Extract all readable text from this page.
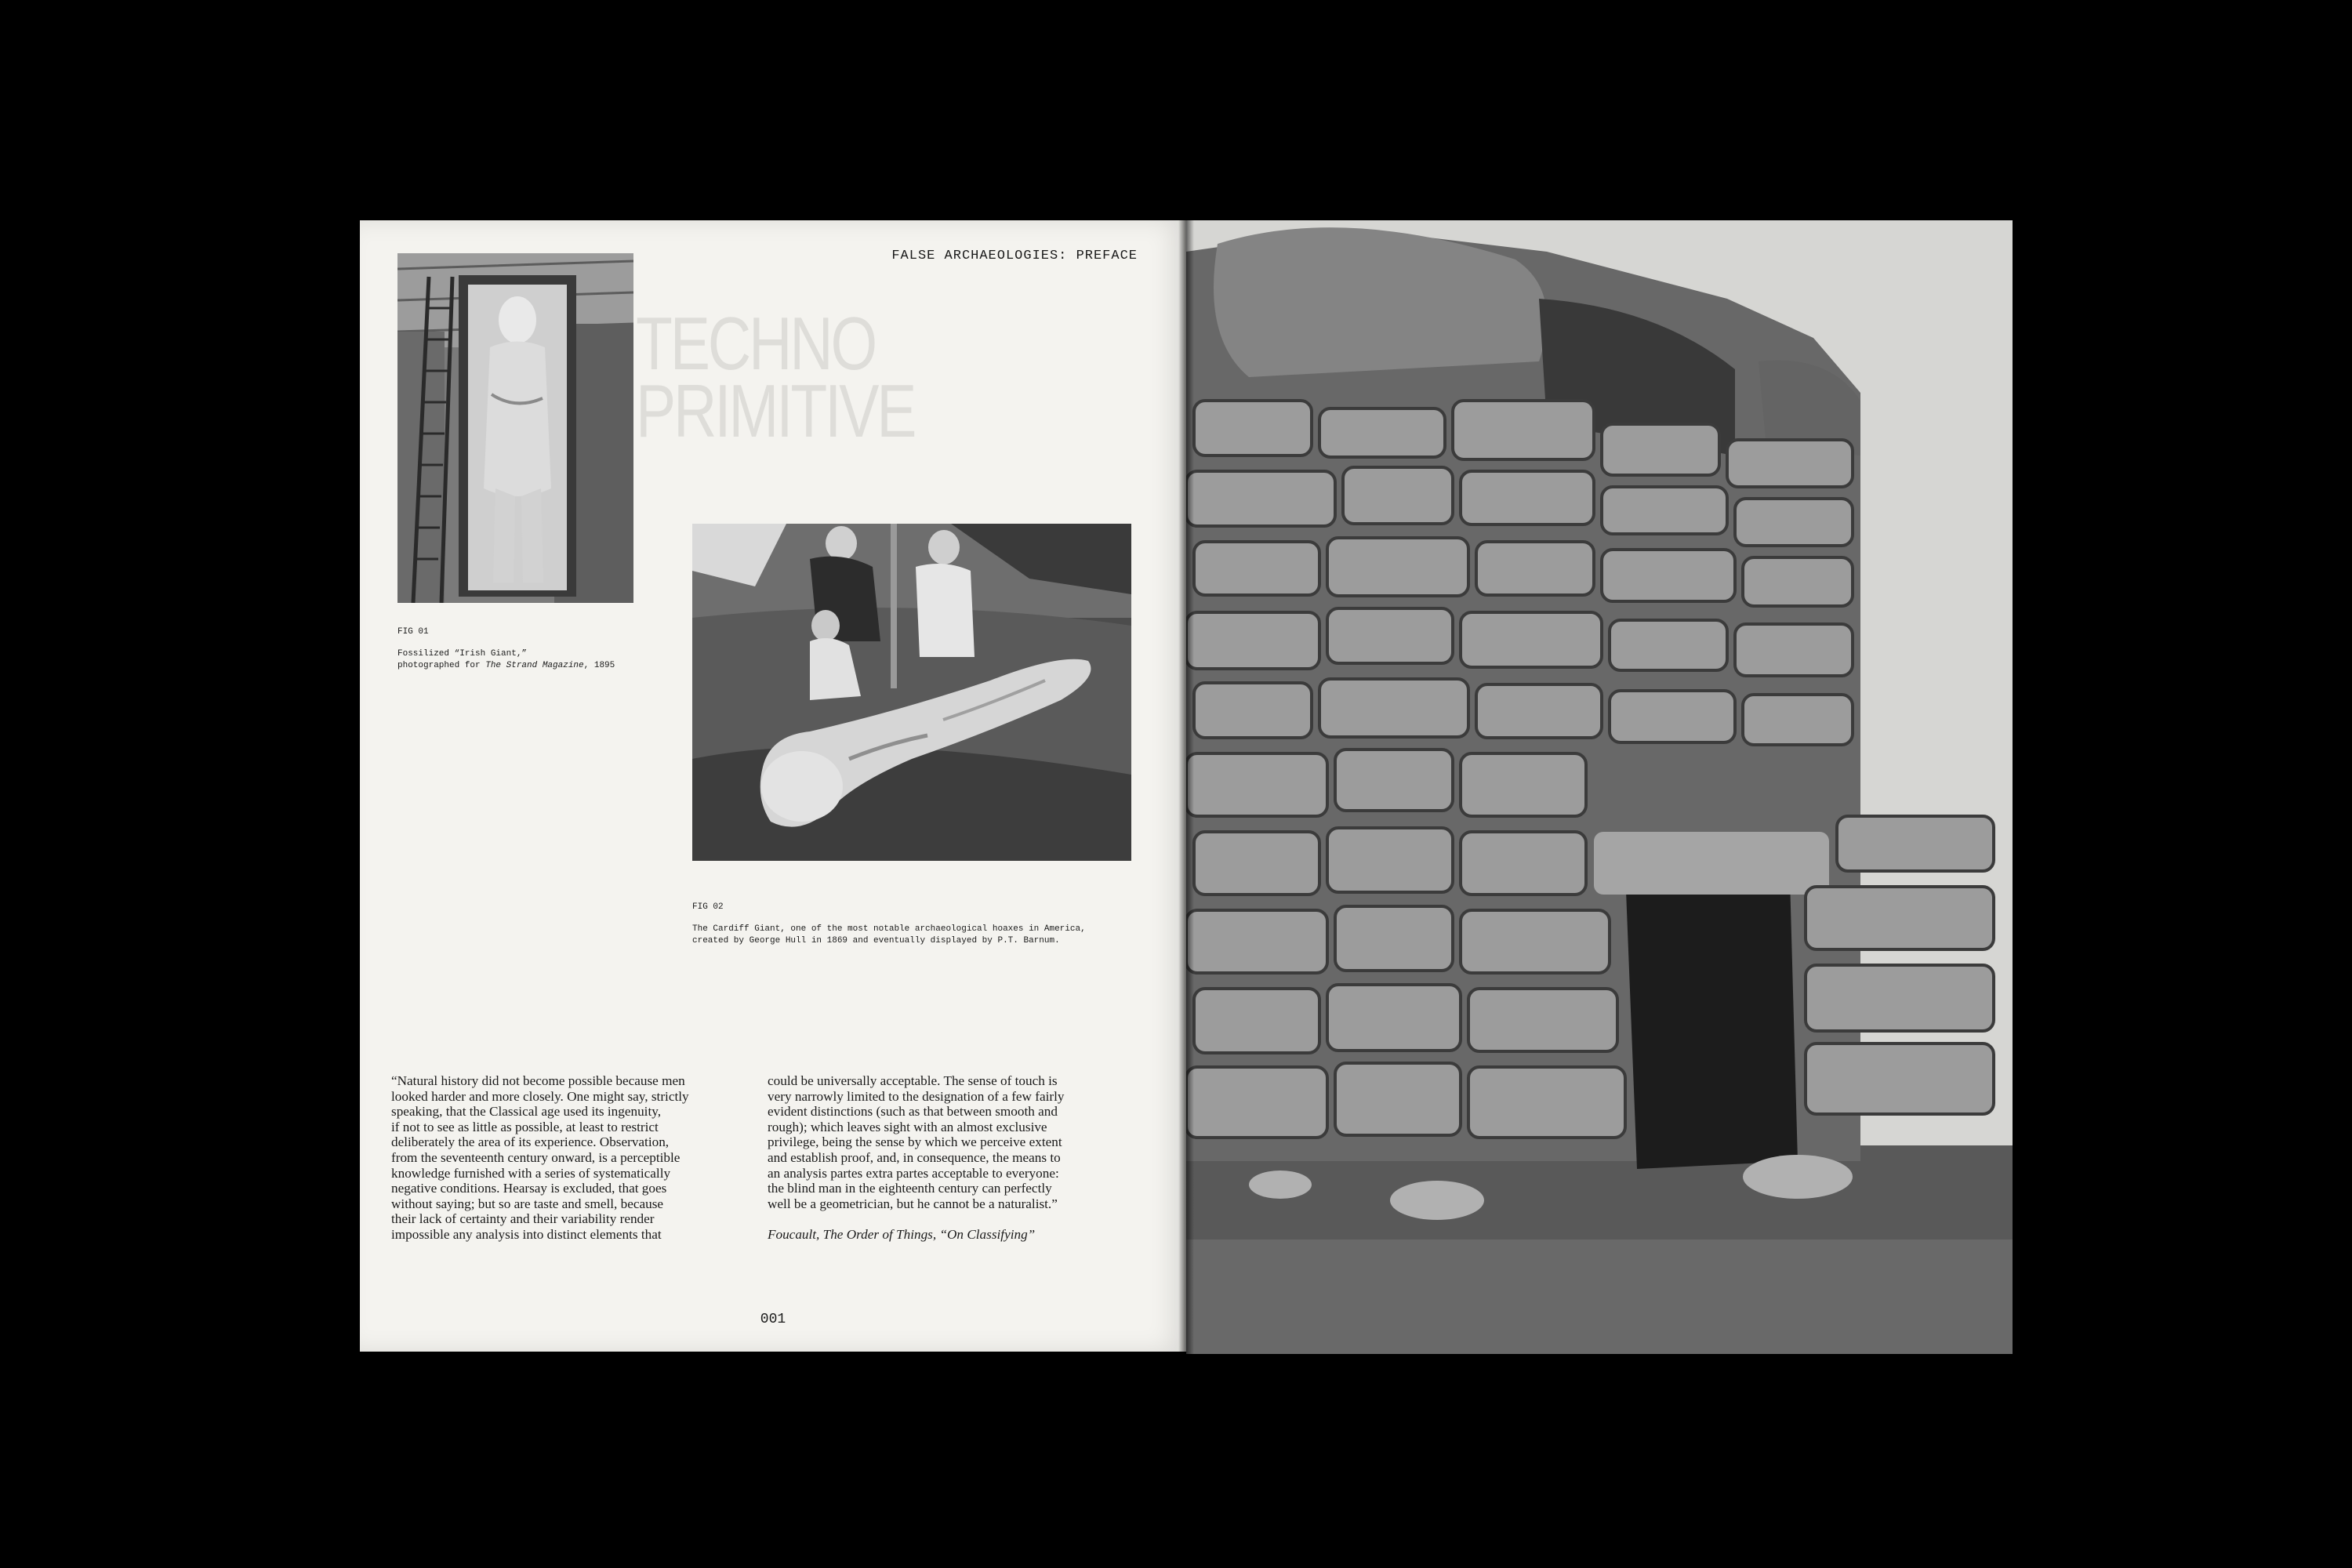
FALSE ARCHAEOLOGIES: PREFACE
TECHNO
PRIMITIVE
FIG 01
Fossilized “Irish Giant,”
photographed for The Strand Magazine, 1895
FIG 02
The Cardiff Giant, one of the most notable archaeological hoaxes in America,
created by George Hull in 1869 and eventually displayed by P.T. Barnum.
“Natural history did not become possible because men
looked harder and more closely. One might say, strictly
speaking, that the Classical age used its ingenuity,
if not to see as little as possible, at least to restrict
deliberately the area of its experience. Observation,
from the seventeenth century onward, is a perceptible
knowledge furnished with a series of systematically
negative conditions. Hearsay is excluded, that goes
without saying; but so are taste and smell, because
their lack of certainty and their variability render
impossible any analysis into distinct elements that
could be universally acceptable. The sense of touch is
very narrowly limited to the designation of a few fairly
evident distinctions (such as that between smooth and
rough); which leaves sight with an almost exclusive
privilege, being the sense by which we perceive extent
and establish proof, and, in consequence, the means to
an analysis partes extra partes acceptable to everyone:
the blind man in the eighteenth century can perfectly
well be a geometrician, but he cannot be a naturalist.”
Foucault, The Order of Things, “On Classifying”
001
